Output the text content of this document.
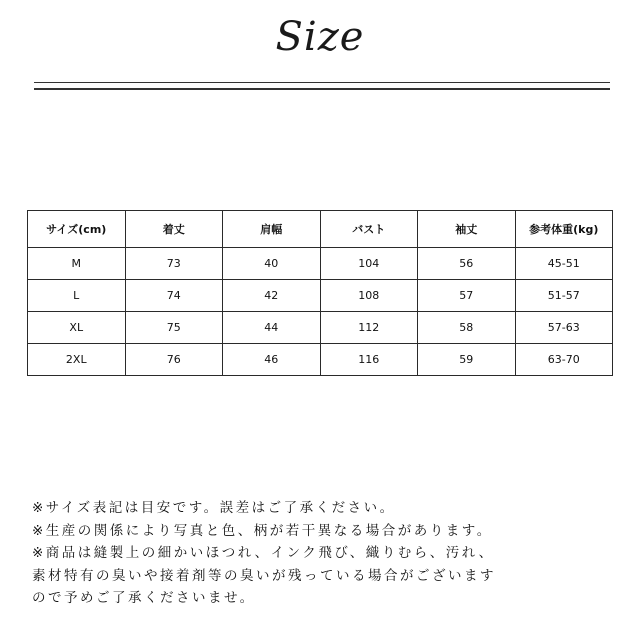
Size
サイズ(cm)	着丈	肩幅	バスト	袖丈	参考体重(kg)
M	73	40	104	56	45-51
L	74	42	108	57	51-57
XL	75	44	112	58	57-63
2XL	76	46	116	59	63-70
※サイズ表記は目安です。誤差はご了承ください。
※生産の関係により写真と色、柄が若干異なる場合があります。
※商品は縫製上の細かいほつれ、インク飛び、織りむら、汚れ、
素材特有の臭いや接着剤等の臭いが残っている場合がございます
ので予めご了承くださいませ。
